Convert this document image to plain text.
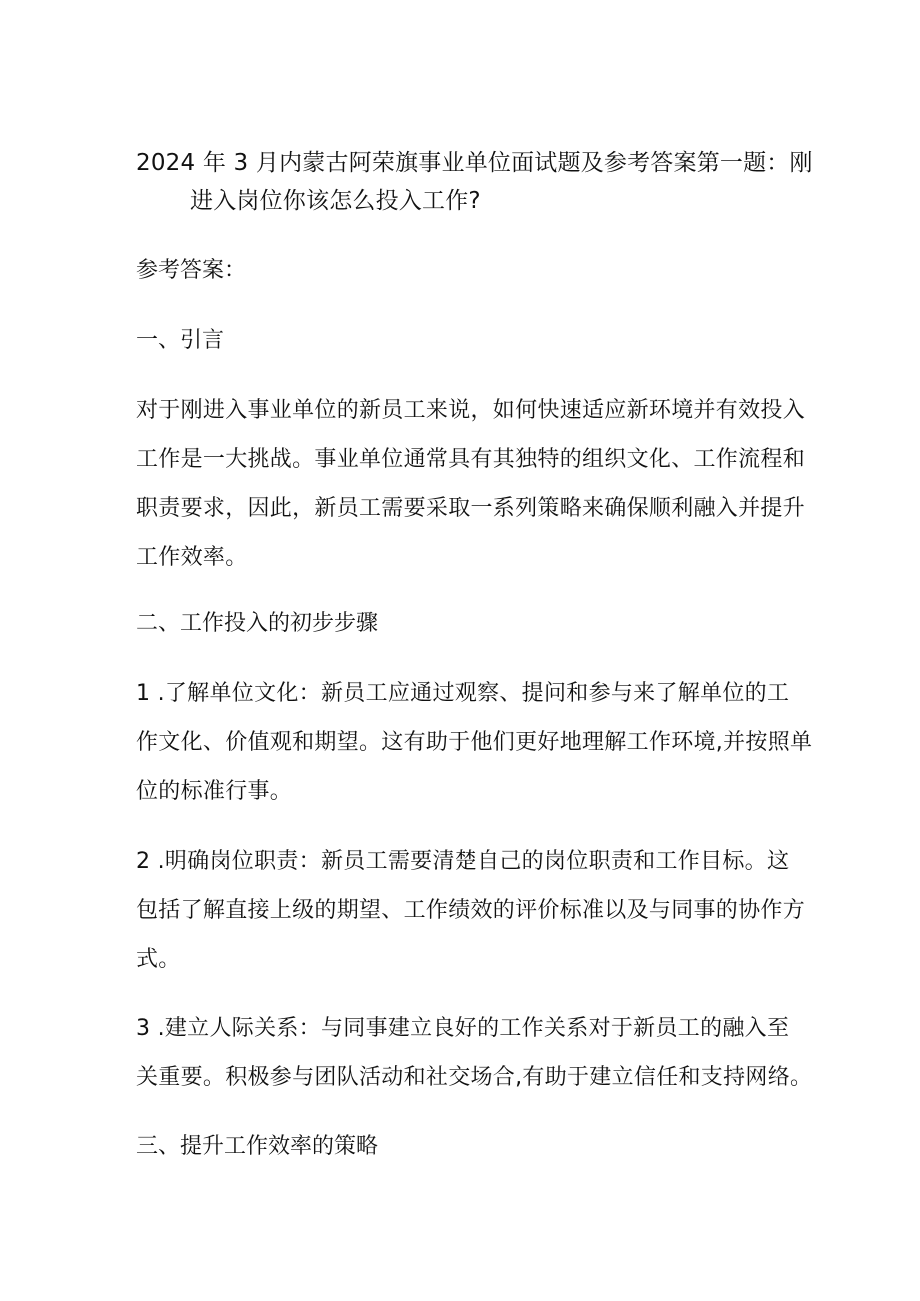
2024 年 3 月内蒙古阿荣旗事业单位面试题及参考答案第一题：刚
进入岗位你该怎么投入工作?

参考答案：

一、引言

对于刚进入事业单位的新员工来说，如何快速适应新环境并有效投入
工作是一大挑战。事业单位通常具有其独特的组织文化、工作流程和
职责要求，因此，新员工需要采取一系列策略来确保顺利融入并提升
工作效率。

二、工作投入的初步步骤

1 .了解单位文化：新员工应通过观察、提问和参与来了解单位的工
作文化、价值观和期望。这有助于他们更好地理解工作环境,并按照单
位的标准行事。

2 .明确岗位职责：新员工需要清楚自己的岗位职责和工作目标。这
包括了解直接上级的期望、工作绩效的评价标准以及与同事的协作方
式。

3 .建立人际关系：与同事建立良好的工作关系对于新员工的融入至
关重要。积极参与团队活动和社交场合,有助于建立信任和支持网络。

三、提升工作效率的策略
